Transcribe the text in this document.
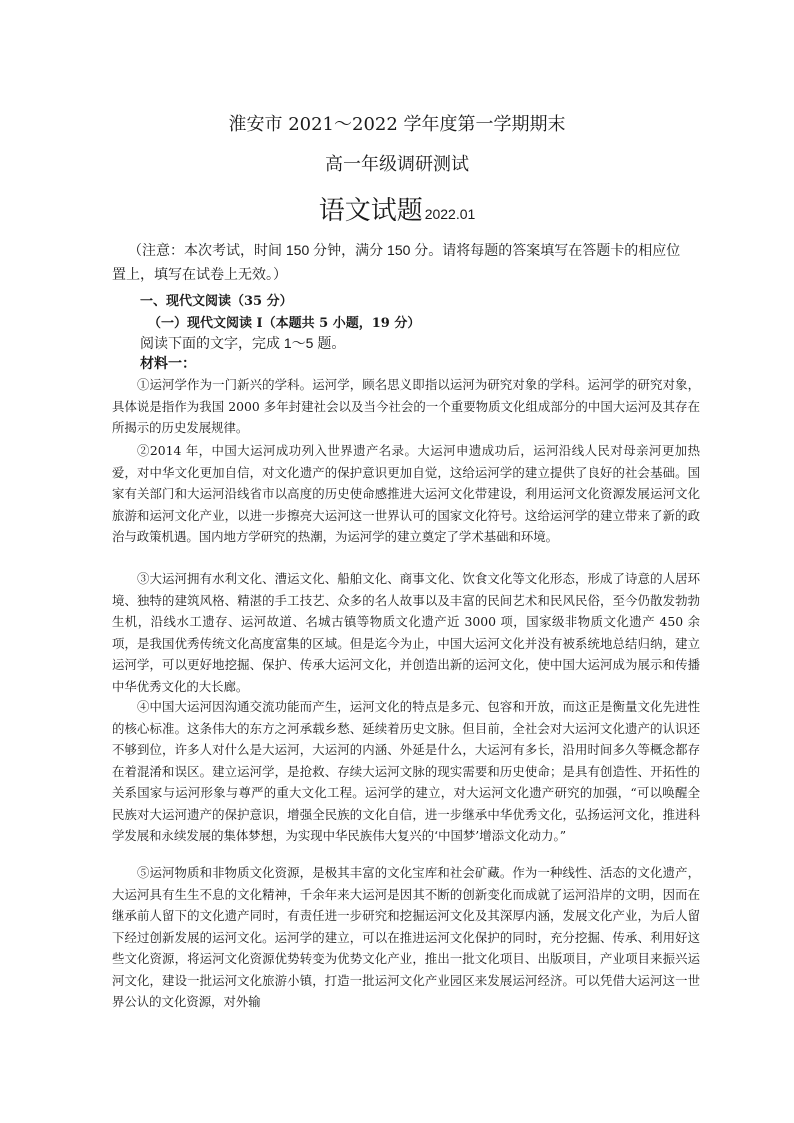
淮安市 2021～2022 学年度第一学期期末
高一年级调研测试
语文试题 2022.01
（注意：本次考试，时间 150 分钟，满分 150 分。请将每题的答案填写在答题卡的相应位置上，填写在试卷上无效。）
一、现代文阅读（35 分）
（一）现代文阅读 I（本题共 5 小题，19 分）
阅读下面的文字，完成 1～5 题。
材料一：
①运河学作为一门新兴的学科。运河学，顾名思义即指以运河为研究对象的学科。运河学的研究对象，具体说是指作为我国 2000 多年封建社会以及当今社会的一个重要物质文化组成部分的中国大运河及其存在所揭示的历史发展规律。
②2014 年，中国大运河成功列入世界遗产名录。大运河申遗成功后，运河沿线人民对母亲河更加热爱，对中华文化更加自信，对文化遗产的保护意识更加自觉，这给运河学的建立提供了良好的社会基础。国家有关部门和大运河沿线省市以高度的历史使命感推进大运河文化带建设，利用运河文化资源发展运河文化旅游和运河文化产业，以进一步擦亮大运河这一世界认可的国家文化符号。这给运河学的建立带来了新的政治与政策机遇。国内地方学研究的热潮，为运河学的建立奠定了学术基础和环境。
③大运河拥有水利文化、漕运文化、船舶文化、商事文化、饮食文化等文化形态，形成了诗意的人居环境、独特的建筑风格、精湛的手工技艺、众多的名人故事以及丰富的民间艺术和民风民俗，至今仍散发勃勃生机，沿线水工遗存、运河故道、名城古镇等物质文化遗产近 3000 项，国家级非物质文化遗产 450 余项，是我国优秀传统文化高度富集的区域。但是迄今为止，中国大运河文化并没有被系统地总结归纳，建立运河学，可以更好地挖掘、保护、传承大运河文化，并创造出新的运河文化，使中国大运河成为展示和传播中华优秀文化的大长廊。
④中国大运河因沟通交流功能而产生，运河文化的特点是多元、包容和开放，而这正是衡量文化先进性的核心标准。这条伟大的东方之河承载乡愁、延续着历史文脉。但目前，全社会对大运河文化遗产的认识还不够到位，许多人对什么是大运河，大运河的内涵、外延是什么，大运河有多长，沿用时间多久等概念都存在着混淆和误区。建立运河学，是抢救、存续大运河文脉的现实需要和历史使命；是具有创造性、开拓性的关系国家与运河形象与尊严的重大文化工程。运河学的建立，对大运河文化遗产研究的加强，“可以唤醒全民族对大运河遗产的保护意识，增强全民族的文化自信，进一步继承中华优秀文化，弘扬运河文化，推进科学发展和永续发展的集体梦想，为实现中华民族伟大复兴的‘中国梦’增添文化动力。”
⑤运河物质和非物质文化资源，是极其丰富的文化宝库和社会矿藏。作为一种线性、活态的文化遗产，大运河具有生生不息的文化精神，千余年来大运河是因其不断的创新变化而成就了运河沿岸的文明，因而在继承前人留下的文化遗产同时，有责任进一步研究和挖掘运河文化及其深厚内涵，发展文化产业，为后人留下经过创新发展的运河文化。运河学的建立，可以在推进运河文化保护的同时，充分挖掘、传承、利用好这些文化资源，将运河文化资源优势转变为优势文化产业，推出一批文化项目、出版项目，产业项目来振兴运河文化，建设一批运河文化旅游小镇，打造一批运河文化产业园区来发展运河经济。可以凭借大运河这一世界公认的文化资源，对外输
